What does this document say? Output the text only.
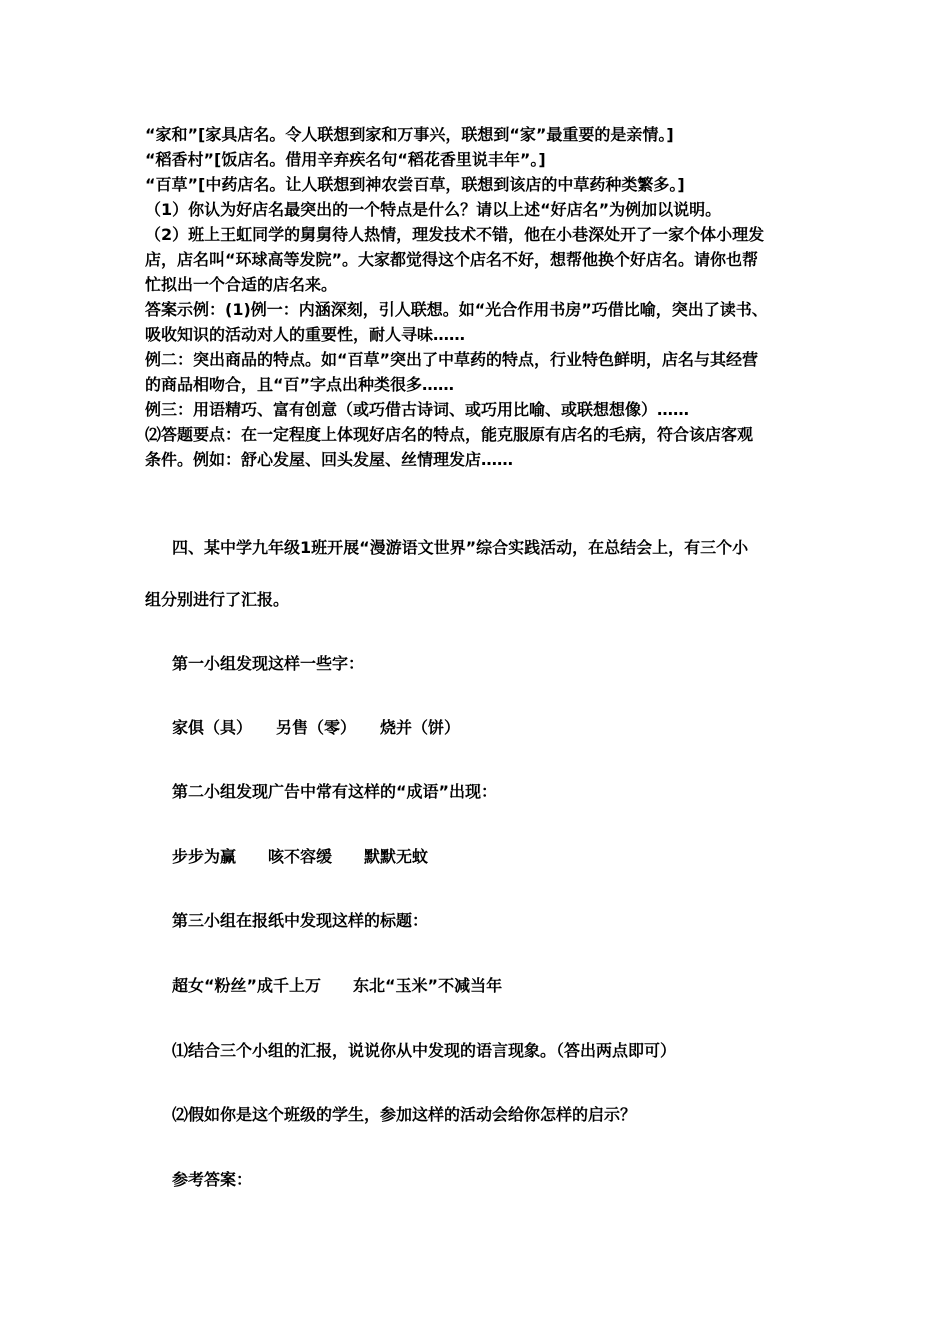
“家和”[家具店名。令人联想到家和万事兴，联想到“家”最重要的是亲情。]
“稻香村”[饭店名。借用辛弃疾名句“稻花香里说丰年”。]
“百草”[中药店名。让人联想到神农尝百草，联想到该店的中草药种类繁多。]
（1）你认为好店名最突出的一个特点是什么？请以上述“好店名”为例加以说明。
（2）班上王虹同学的舅舅待人热情，理发技术不错，他在小巷深处开了一家个体小理发
店，店名叫“环球高等发院”。大家都觉得这个店名不好，想帮他换个好店名。请你也帮
忙拟出一个合适的店名来。
答案示例：(1)例一：内涵深刻，引人联想。如“光合作用书房”巧借比喻，突出了读书、
吸收知识的活动对人的重要性，耐人寻味……
例二：突出商品的特点。如“百草”突出了中草药的特点，行业特色鲜明，店名与其经营
的商品相吻合，且“百”字点出种类很多……
例三：用语精巧、富有创意（或巧借古诗词、或巧用比喻、或联想想像）……
⑵答题要点：在一定程度上体现好店名的特点，能克服原有店名的毛病，符合该店客观
条件。例如：舒心发屋、回头发屋、丝情理发店……
四、某中学九年级1班开展“漫游语文世界”综合实践活动，在总结会上，有三个小
组分别进行了汇报。
第一小组发现这样一些字：
家俱（具）　　另售（零）　　烧并（饼）
第二小组发现广告中常有这样的“成语”出现：
步步为赢　　咳不容缓　　默默无蚊
第三小组在报纸中发现这样的标题：
超女“粉丝”成千上万　　东北“玉米”不减当年
⑴结合三个小组的汇报，说说你从中发现的语言现象。（答出两点即可）
⑵假如你是这个班级的学生，参加这样的活动会给你怎样的启示？
参考答案：
